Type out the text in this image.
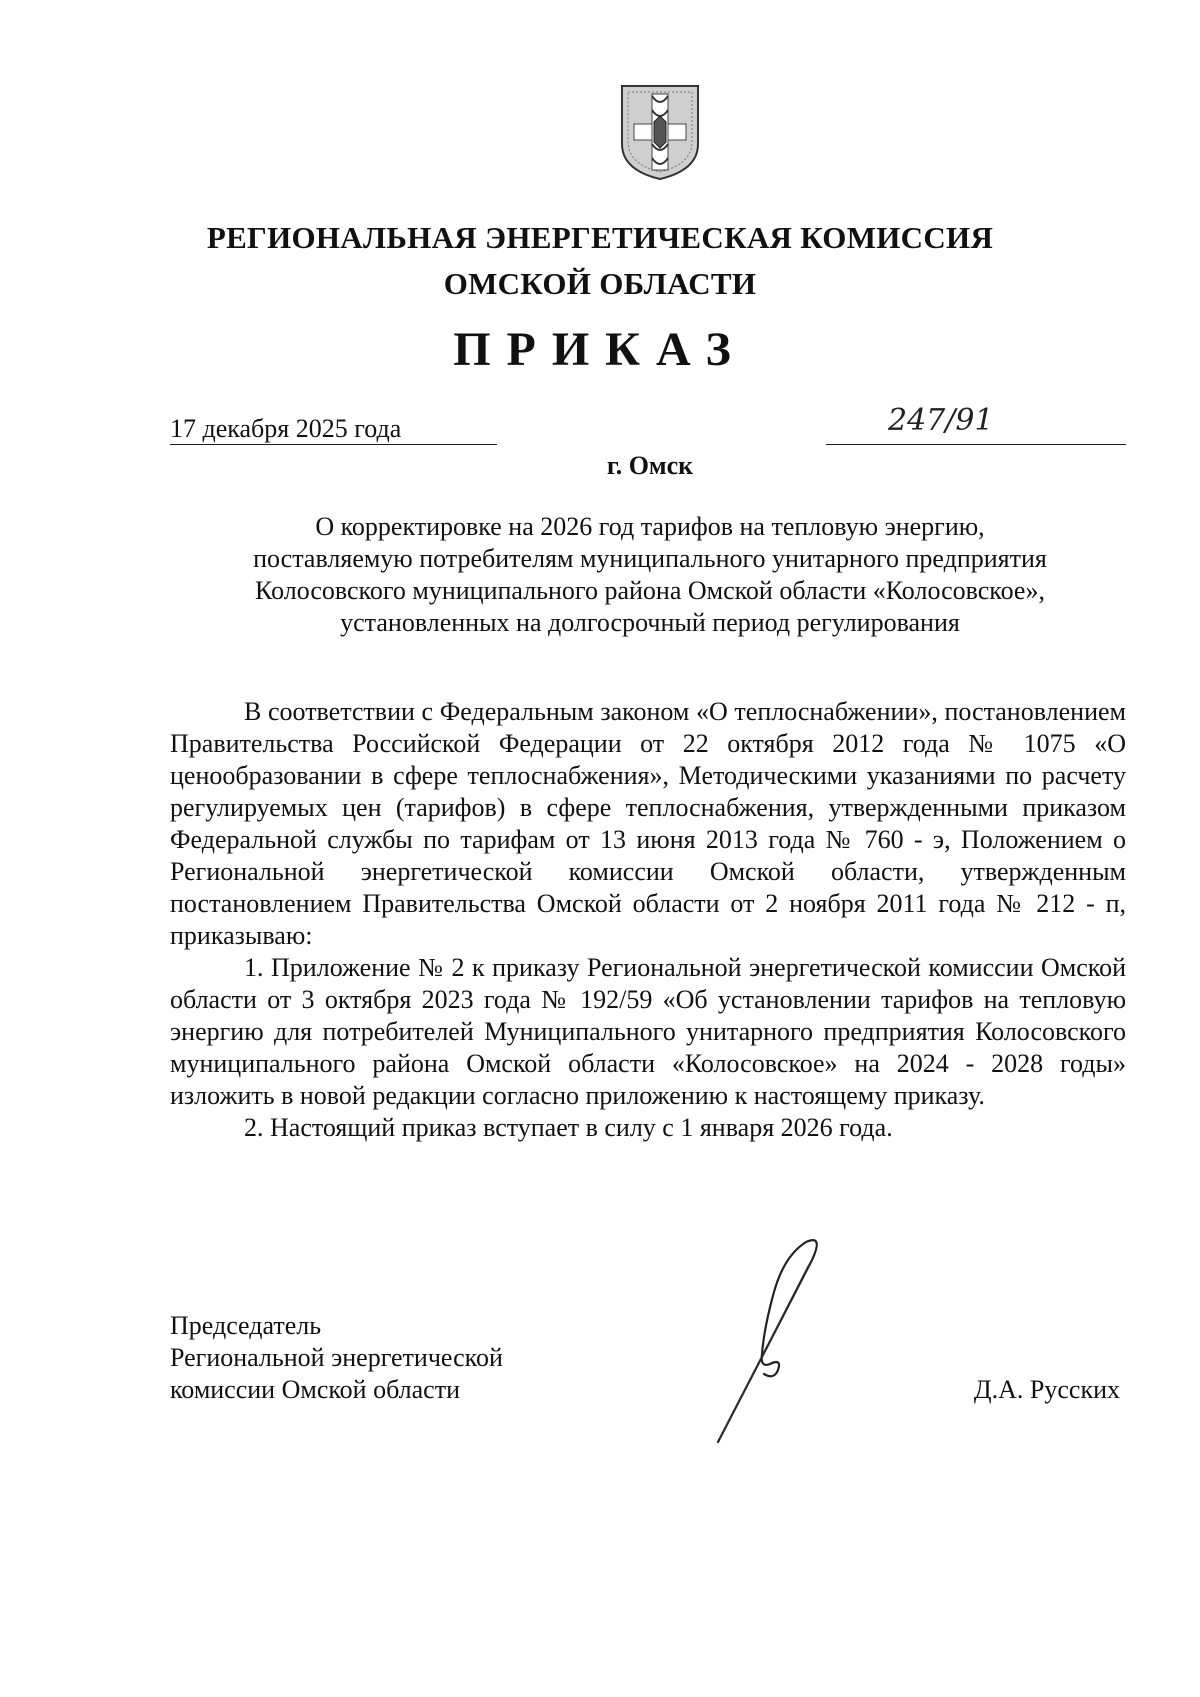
РЕГИОНАЛЬНАЯ ЭНЕРГЕТИЧЕСКАЯ КОМИССИЯ
ОМСКОЙ ОБЛАСТИ
ПРИКАЗ
17 декабря 2025 года	247/91
г. Омск
О корректировке на 2026 год тарифов на тепловую энергию,
поставляемую потребителям муниципального унитарного предприятия
Колосовского муниципального района Омской области «Колосовское»,
установленных на долгосрочный период регулирования

В соответствии с Федеральным законом «О теплоснабжении», постановлением Правительства Российской Федерации от 22 октября 2012 года № 1075 «О ценообразовании в сфере теплоснабжения», Методическими указаниями по расчету регулируемых цен (тарифов) в сфере теплоснабжения, утвержденными приказом Федеральной службы по тарифам от 13 июня 2013 года № 760 - э, Положением о Региональной энергетической комиссии Омской области, утвержденным постановлением Правительства Омской области от 2 ноября 2011 года № 212 - п, приказываю:

1. Приложение № 2 к приказу Региональной энергетической комиссии Омской области от 3 октября 2023 года № 192/59 «Об установлении тарифов на тепловую энергию для потребителей Муниципального унитарного предприятия Колосовского муниципального района Омской области «Колосовское» на 2024 - 2028 годы» изложить в новой редакции согласно приложению к настоящему приказу.

2. Настоящий приказ вступает в силу с 1 января 2026 года.

Председатель
Региональной энергетической
комиссии Омской области	Д.А. Русских
